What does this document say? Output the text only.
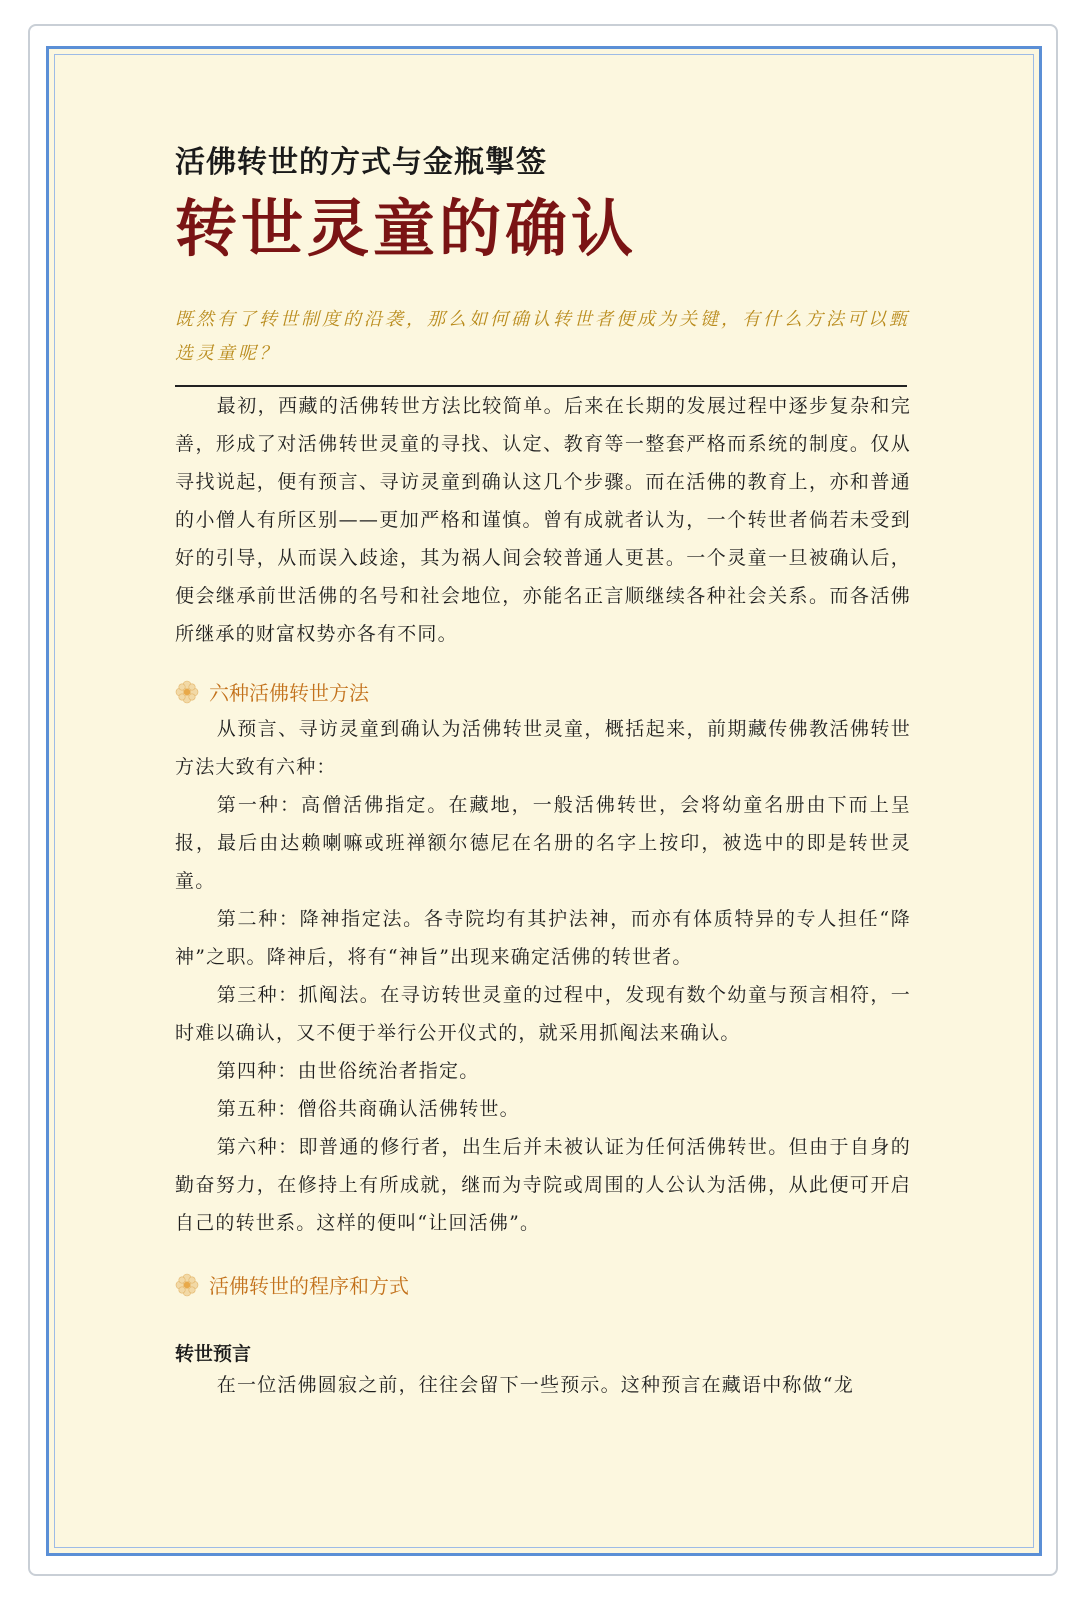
活佛转世的方式与金瓶掣签
转世灵童的确认
既然有了转世制度的沿袭，那么如何确认转世者便成为关键，有什么方法可以甄选灵童呢？

最初，西藏的活佛转世方法比较简单。后来在长期的发展过程中逐步复杂和完善，形成了对活佛转世灵童的寻找、认定、教育等一整套严格而系统的制度。仅从寻找说起，便有预言、寻访灵童到确认这几个步骤。而在活佛的教育上，亦和普通的小僧人有所区别——更加严格和谨慎。曾有成就者认为，一个转世者倘若未受到好的引导，从而误入歧途，其为祸人间会较普通人更甚。一个灵童一旦被确认后，便会继承前世活佛的名号和社会地位，亦能名正言顺继续各种社会关系。而各活佛所继承的财富权势亦各有不同。

六种活佛转世方法

从预言、寻访灵童到确认为活佛转世灵童，概括起来，前期藏传佛教活佛转世方法大致有六种：

第一种：高僧活佛指定。在藏地，一般活佛转世，会将幼童名册由下而上呈报，最后由达赖喇嘛或班禅额尔德尼在名册的名字上按印，被选中的即是转世灵童。

第二种：降神指定法。各寺院均有其护法神，而亦有体质特异的专人担任“降神”之职。降神后，将有“神旨”出现来确定活佛的转世者。

第三种：抓阄法。在寻访转世灵童的过程中，发现有数个幼童与预言相符，一时难以确认，又不便于举行公开仪式的，就采用抓阄法来确认。

第四种：由世俗统治者指定。

第五种：僧俗共商确认活佛转世。

第六种：即普通的修行者，出生后并未被认证为任何活佛转世。但由于自身的勤奋努力，在修持上有所成就，继而为寺院或周围的人公认为活佛，从此便可开启自己的转世系。这样的便叫“让回活佛”。

活佛转世的程序和方式
转世预言

在一位活佛圆寂之前，往往会留下一些预示。这种预言在藏语中称做“龙
